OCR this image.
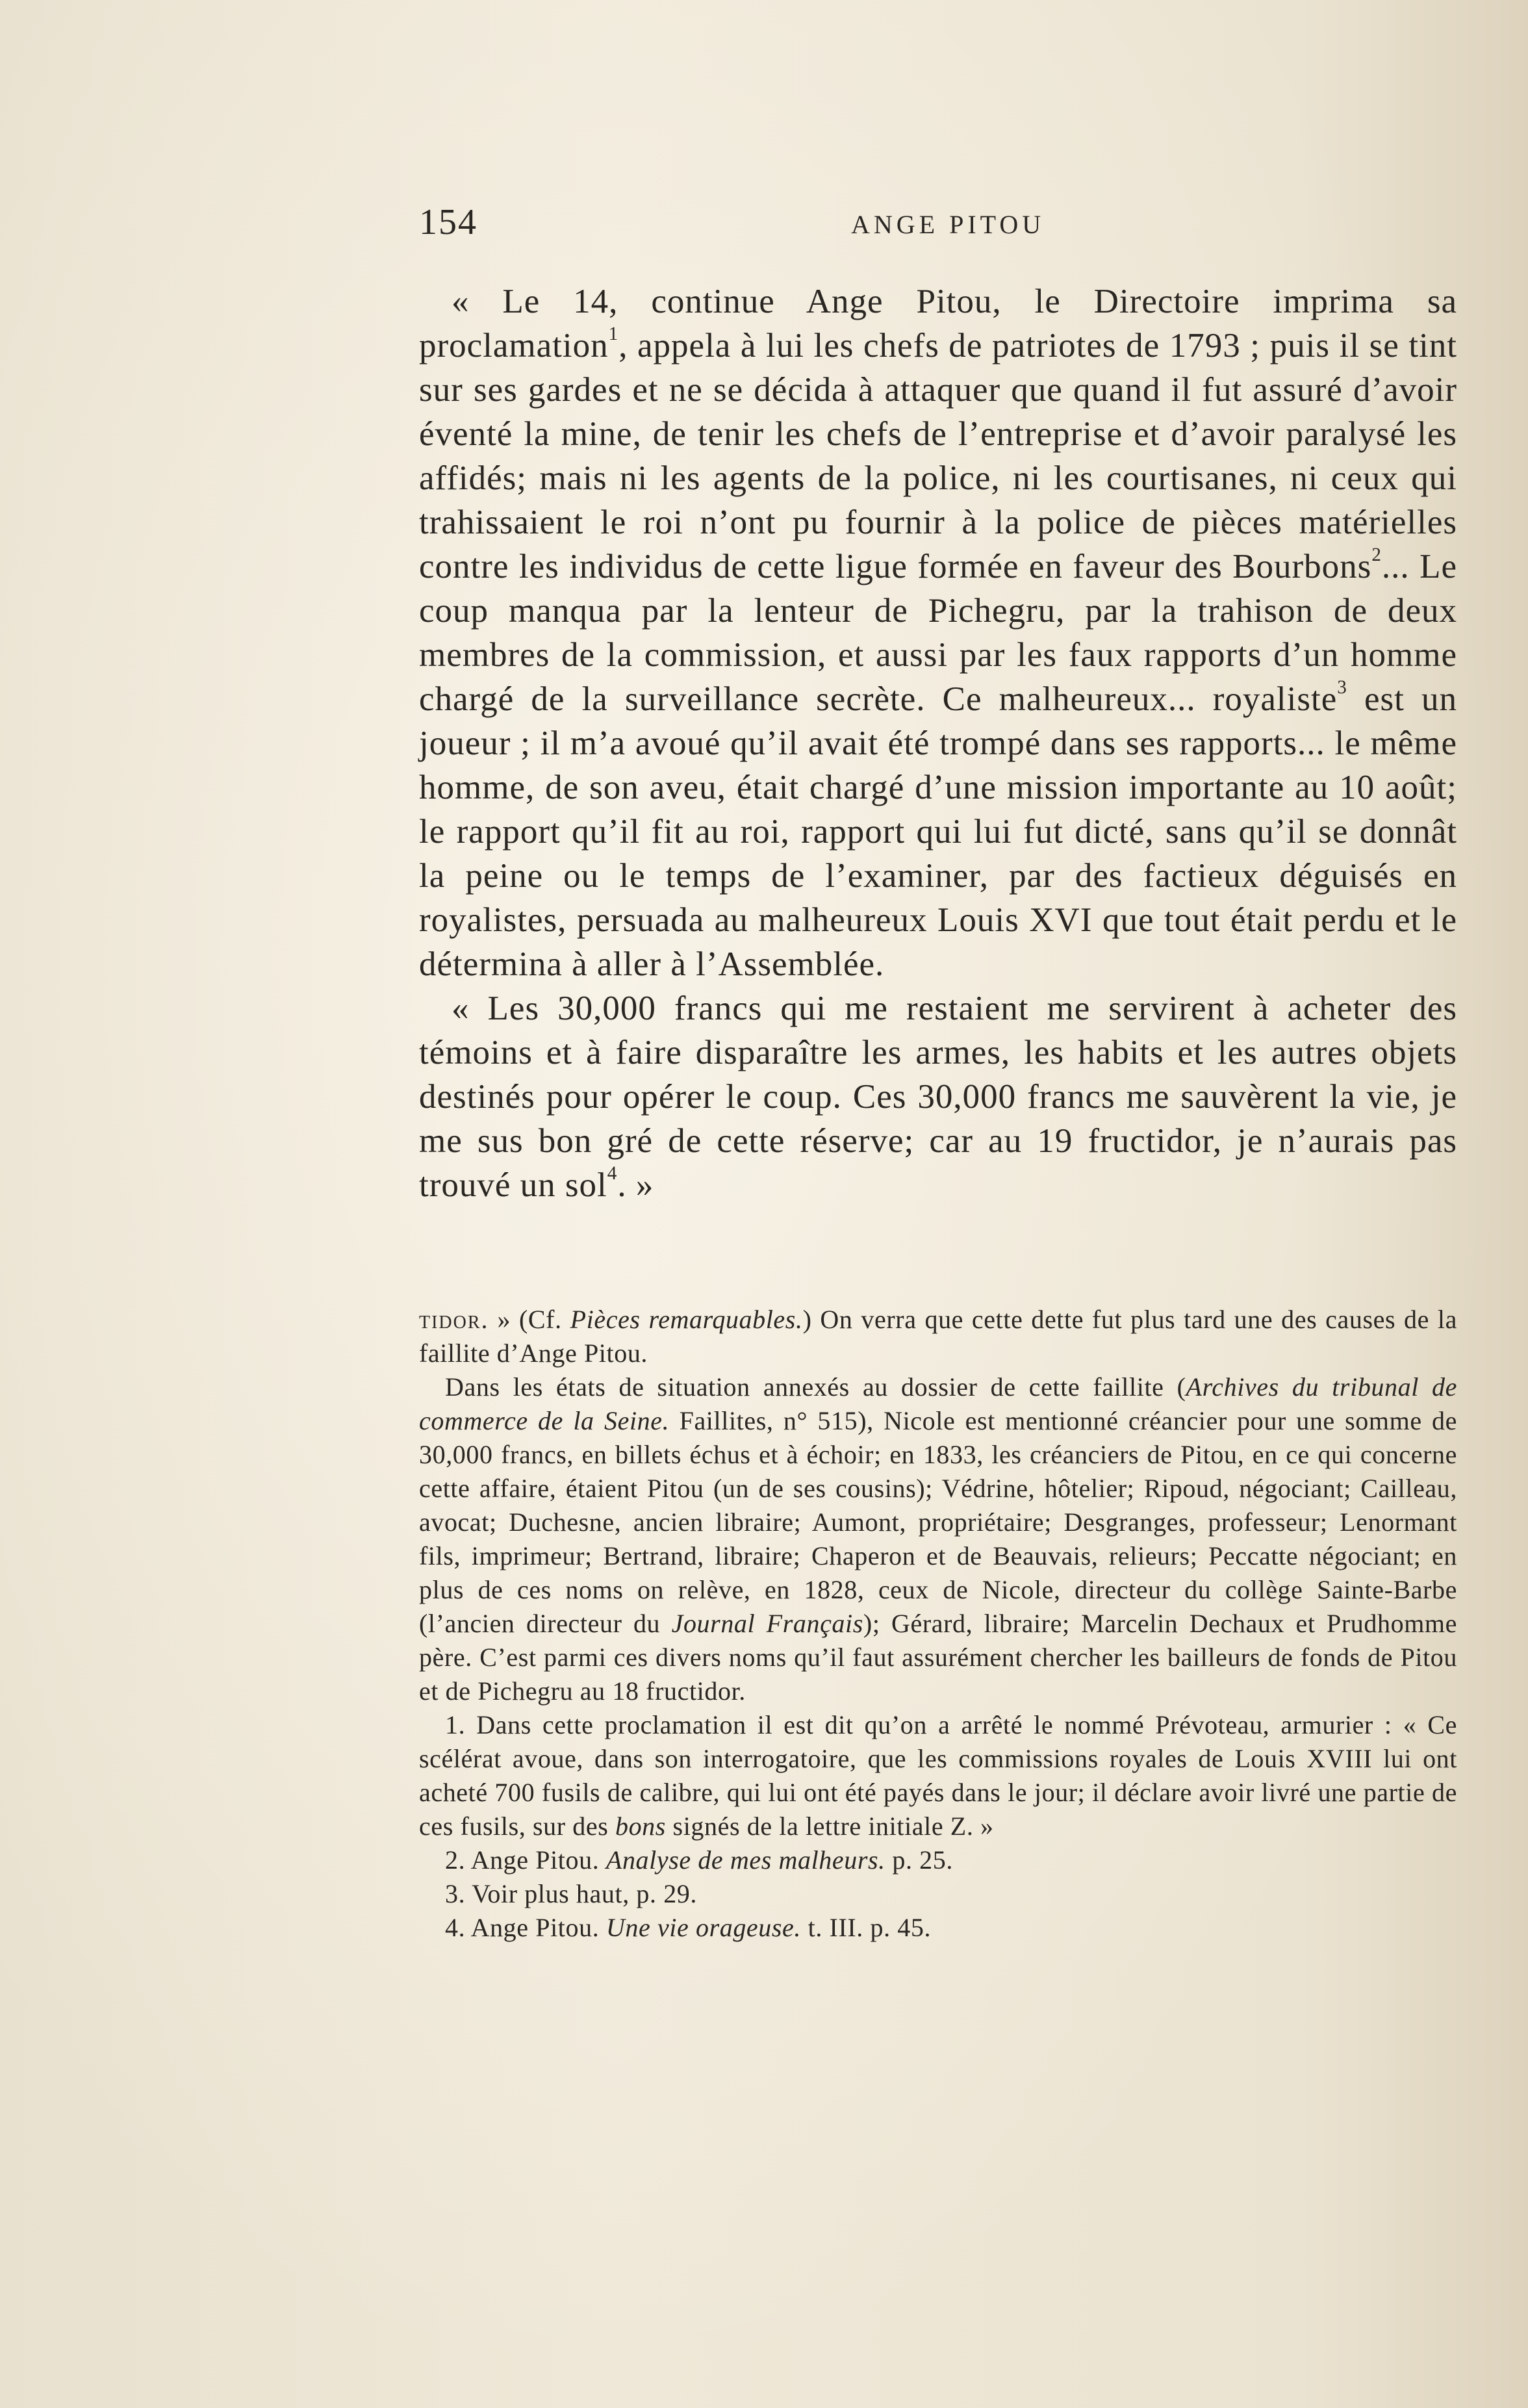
154	ANGE PITOU

« Le 14, continue Ange Pitou, le Directoire imprima sa proclamation$^1$, appela à lui les chefs de patriotes de 1793 ; puis il se tint sur ses gardes et ne se décida à attaquer que quand il fut assuré d’avoir éventé la mine, de tenir les chefs de l’entreprise et d’avoir paralysé les affidés; mais ni les agents de la police, ni les courtisanes, ni ceux qui trahissaient le roi n’ont pu fournir à la police de pièces matérielles contre les individus de cette ligue formée en faveur des Bourbons$^2$... Le coup manqua par la lenteur de Pichegru, par la trahison de deux membres de la commission, et aussi par les faux rapports d’un homme chargé de la surveillance secrète. Ce malheureux... royaliste$^3$ est un joueur ; il m’a avoué qu’il avait été trompé dans ses rapports... le même homme, de son aveu, était chargé d’une mission importante au 10 août; le rapport qu’il fit au roi, rapport qui lui fut dicté, sans qu’il se donnât la peine ou le temps de l’examiner, par des factieux déguisés en royalistes, persuada au malheureux Louis XVI que tout était perdu et le détermina à aller à l’Assemblée.

« Les 30,000 francs qui me restaient me servirent à acheter des témoins et à faire disparaître les armes, les habits et les autres objets destinés pour opérer le coup. Ces 30,000 francs me sauvèrent la vie, je me sus bon gré de cette réserve; car au 19 fructidor, je n’aurais pas trouvé un sol$^4$. »

tidor. » (Cf. Pièces remarquables.) On verra que cette dette fut plus tard une des causes de la faillite d’Ange Pitou.

Dans les états de situation annexés au dossier de cette faillite (Archives du tribunal de commerce de la Seine. Faillites, n° 515), Nicole est mentionné créancier pour une somme de 30,000 francs, en billets échus et à échoir; en 1833, les créanciers de Pitou, en ce qui concerne cette affaire, étaient Pitou (un de ses cousins); Védrine, hôtelier; Ripoud, négociant; Cailleau, avocat; Duchesne, ancien libraire; Aumont, propriétaire; Desgranges, professeur; Lenormant fils, imprimeur; Bertrand, libraire; Chaperon et de Beauvais, relieurs; Peccatte négociant; en plus de ces noms on relève, en 1828, ceux de Nicole, directeur du collège Sainte-Barbe (l’ancien directeur du Journal Français); Gérard, libraire; Marcelin Dechaux et Prudhomme père. C’est parmi ces divers noms qu’il faut assurément chercher les bailleurs de fonds de Pitou et de Pichegru au 18 fructidor.

1. Dans cette proclamation il est dit qu’on a arrêté le nommé Prévoteau, armurier : « Ce scélérat avoue, dans son interrogatoire, que les commissions royales de Louis XVIII lui ont acheté 700 fusils de calibre, qui lui ont été payés dans le jour; il déclare avoir livré une partie de ces fusils, sur des bons signés de la lettre initiale Z. »

2. Ange Pitou. Analyse de mes malheurs. p. 25.

3. Voir plus haut, p. 29.

4. Ange Pitou. Une vie orageuse. t. III. p. 45.
